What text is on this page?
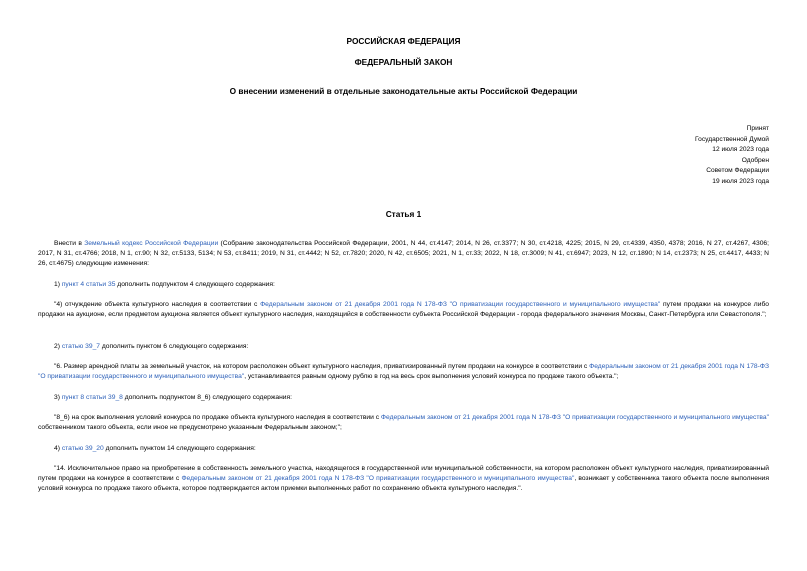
РОССИЙСКАЯ ФЕДЕРАЦИЯ
ФЕДЕРАЛЬНЫЙ ЗАКОН
О внесении изменений в отдельные законодательные акты Российской Федерации
Принят
Государственной Думой
12 июля 2023 года
Одобрен
Советом Федерации
19 июля 2023 года
Статья 1
Внести в Земельный кодекс Российской Федерации (Собрание законодательства Российской Федерации, 2001, N 44, ст.4147; 2014, N 26, ст.3377; N 30, ст.4218, 4225; 2015, N 29, ст.4339, 4350, 4378; 2016, N 27, ст.4267, 4306; 2017, N 31, ст.4766; 2018, N 1, ст.90; N 32, ст.5133, 5134; N 53, ст.8411; 2019, N 31, ст.4442; N 52, ст.7820; 2020, N 42, ст.6505; 2021, N 1, ст.33; 2022, N 18, ст.3009; N 41, ст.6947; 2023, N 12, ст.1890; N 14, ст.2373; N 25, ст.4417, 4433; N 26, ст.4675) следующие изменения:
1) пункт 4 статьи 35 дополнить подпунктом 4 следующего содержания:
"4) отчуждение объекта культурного наследия в соответствии с Федеральным законом от 21 декабря 2001 года N 178-ФЗ "О приватизации государственного и муниципального имущества" путем продажи на конкурсе либо продажи на аукционе, если предметом аукциона является объект культурного наследия, находящийся в собственности субъекта Российской Федерации - города федерального значения Москвы, Санкт-Петербурга или Севастополя.";
2) статью 39_7 дополнить пунктом 6 следующего содержания:
"6. Размер арендной платы за земельный участок, на котором расположен объект культурного наследия, приватизированный путем продажи на конкурсе в соответствии с Федеральным законом от 21 декабря 2001 года N 178-ФЗ "О приватизации государственного и муниципального имущества", устанавливается равным одному рублю в год на весь срок выполнения условий конкурса по продаже такого объекта.";
3) пункт 8 статьи 39_8 дополнить подпунктом 8_6) следующего содержания:
"8_6) на срок выполнения условий конкурса по продаже объекта культурного наследия в соответствии с Федеральным законом от 21 декабря 2001 года N 178-ФЗ "О приватизации государственного и муниципального имущества" собственником такого объекта, если иное не предусмотрено указанным Федеральным законом;";
4) статью 39_20 дополнить пунктом 14 следующего содержания:
"14. Исключительное право на приобретение в собственность земельного участка, находящегося в государственной или муниципальной собственности, на котором расположен объект культурного наследия, приватизированный путем продажи на конкурсе в соответствии с Федеральным законом от 21 декабря 2001 года N 178-ФЗ "О приватизации государственного и муниципального имущества", возникает у собственника такого объекта после выполнения условий конкурса по продаже такого объекта, которое подтверждается актом приемки выполненных работ по сохранению объекта культурного наследия.".
